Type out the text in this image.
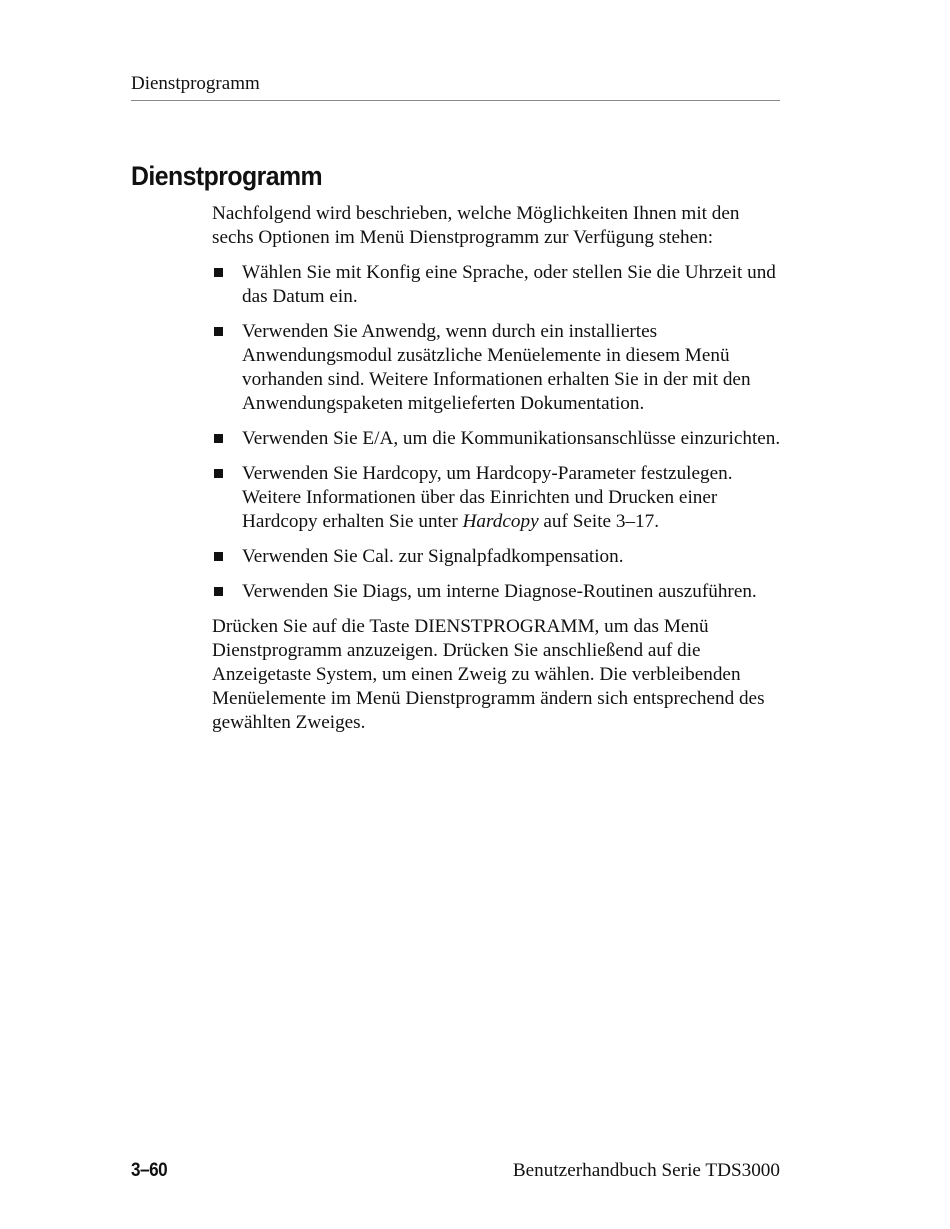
Dienstprogramm
Dienstprogramm

Nachfolgend wird beschrieben, welche Möglichkeiten Ihnen mit den sechs Optionen im Menü Dienstprogramm zur Verfügung stehen:

Wählen Sie mit Konfig eine Sprache, oder stellen Sie die Uhrzeit und das Datum ein.
Verwenden Sie Anwendg, wenn durch ein installiertes Anwendungsmodul zusätzliche Menüelemente in diesem Menü vorhanden sind. Weitere Informationen erhalten Sie in der mit den Anwendungspaketen mitgelieferten Dokumentation.
Verwenden Sie E/A, um die Kommunikationsanschlüsse einzurichten.
Verwenden Sie Hardcopy, um Hardcopy-Parameter festzulegen. Weitere Informationen über das Einrichten und Drucken einer Hardcopy erhalten Sie unter Hardcopy auf Seite 3–17.
Verwenden Sie Cal. zur Signalpfadkompensation.
Verwenden Sie Diags, um interne Diagnose-Routinen auszuführen.

Drücken Sie auf die Taste DIENSTPROGRAMM, um das Menü Dienstprogramm anzuzeigen. Drücken Sie anschließend auf die Anzeigetaste System, um einen Zweig zu wählen. Die verbleibenden Menüelemente im Menü Dienstprogramm ändern sich entsprechend des gewählten Zweiges.

3–60	Benutzerhandbuch Serie TDS3000
